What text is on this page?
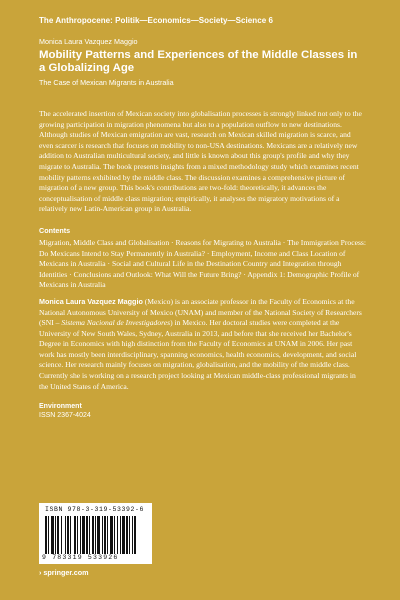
The Anthropocene: Politik—Economics—Society—Science 6
Monica Laura Vazquez Maggio
Mobility Patterns and Experiences of the Middle Classes in a Globalizing Age
The Case of Mexican Migrants in Australia
The accelerated insertion of Mexican society into globalisation processes is strongly linked not only to the growing participation in migration phenomena but also to a population outflow to new destinations. Although studies of Mexican emigration are vast, research on Mexican skilled migration is scarce, and even scarcer is research that focuses on mobility to non-USA destinations. Mexicans are a relatively new addition to Australian multicultural society, and little is known about this group's profile and why they migrate to Australia. The book presents insights from a mixed methodology study which examines recent mobility patterns exhibited by the middle class. The discussion examines a comprehensive picture of migration of a new group. This book's contributions are two-fold: theoretically, it advances the conceptualisation of middle class migration; empirically, it analyses the migratory motivations of a relatively new Latin-American group in Australia.
Contents
Migration, Middle Class and Globalisation · Reasons for Migrating to Australia · The Immigration Process: Do Mexicans Intend to Stay Permanently in Australia? · Employment, Income and Class Location of Mexicans in Australia · Social and Cultural Life in the Destination Country and Integration through Identities · Conclusions and Outlook: What Will the Future Bring? · Appendix 1: Demographic Profile of Mexicans in Australia
Monica Laura Vazquez Maggio (Mexico) is an associate professor in the Faculty of Economics at the National Autonomous University of Mexico (UNAM) and member of the National Society of Researchers (SNI – Sistema Nacional de Investigadores) in Mexico. Her doctoral studies were completed at the University of New South Wales, Sydney, Australia in 2013, and before that she received her Bachelor's Degree in Economics with high distinction from the Faculty of Economics at UNAM in 2006. Her past work has mostly been interdisciplinary, spanning economics, health economics, development, and social science. Her research mainly focuses on migration, globalisation, and the mobility of the middle class. Currently she is working on a research project looking at Mexican middle-class professional migrants in the United States of America.
Environment
ISSN 2367-4024
ISBN 978-3-319-53392-6
9 783319 533926
› springer.com
